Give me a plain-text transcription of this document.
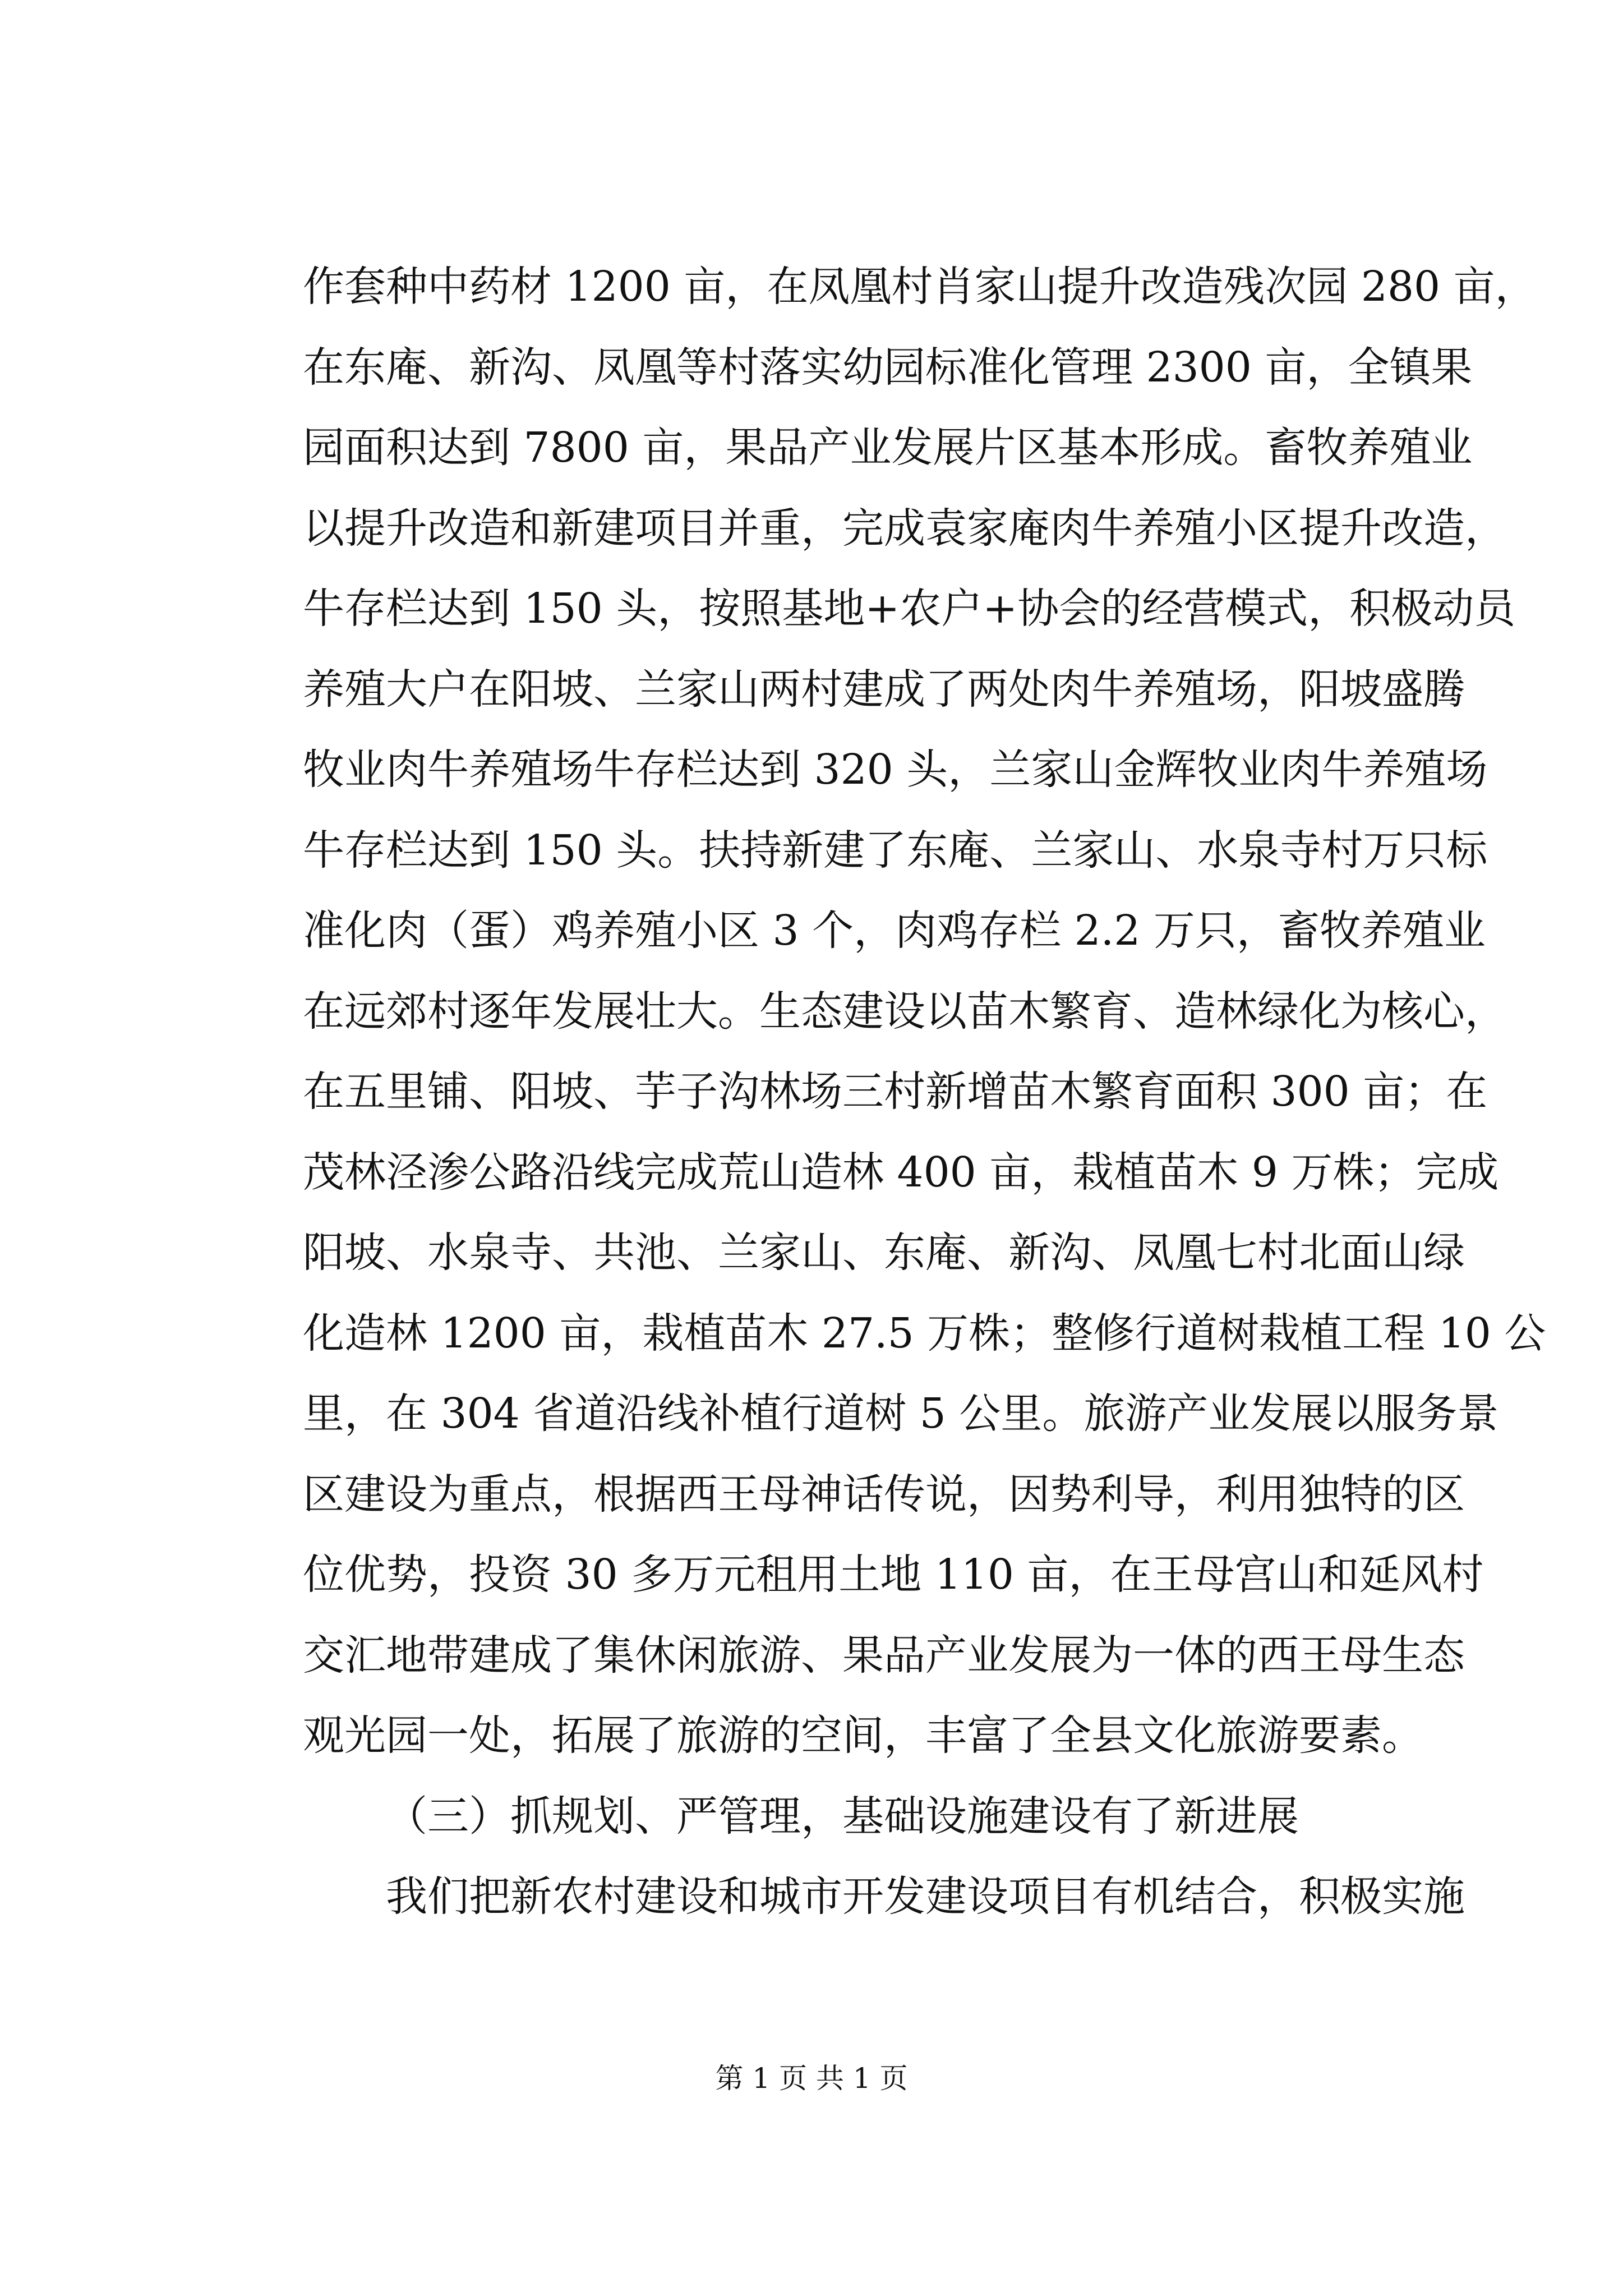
作套种中药材 1200 亩，在凤凰村肖家山提升改造残次园 280 亩，
在东庵、新沟、凤凰等村落实幼园标准化管理 2300 亩，全镇果
园面积达到 7800 亩，果品产业发展片区基本形成。畜牧养殖业
以提升改造和新建项目并重，完成袁家庵肉牛养殖小区提升改造，
牛存栏达到 150 头，按照基地+农户+协会的经营模式，积极动员
养殖大户在阳坡、兰家山两村建成了两处肉牛养殖场，阳坡盛腾
牧业肉牛养殖场牛存栏达到 320 头，兰家山金辉牧业肉牛养殖场
牛存栏达到 150 头。扶持新建了东庵、兰家山、水泉寺村万只标
准化肉（蛋）鸡养殖小区 3 个，肉鸡存栏 2.2 万只，畜牧养殖业
在远郊村逐年发展壮大。生态建设以苗木繁育、造林绿化为核心，
在五里铺、阳坡、芋子沟林场三村新增苗木繁育面积 300 亩；在
茂林泾渗公路沿线完成荒山造林 400 亩，栽植苗木 9 万株；完成
阳坡、水泉寺、共池、兰家山、东庵、新沟、凤凰七村北面山绿
化造林 1200 亩，栽植苗木 27.5 万株；整修行道树栽植工程 10 公
里，在 304 省道沿线补植行道树 5 公里。旅游产业发展以服务景
区建设为重点，根据西王母神话传说，因势利导，利用独特的区
位优势，投资 30 多万元租用土地 110 亩，在王母宫山和延风村
交汇地带建成了集休闲旅游、果品产业发展为一体的西王母生态
观光园一处，拓展了旅游的空间，丰富了全县文化旅游要素。
（三）抓规划、严管理，基础设施建设有了新进展
我们把新农村建设和城市开发建设项目有机结合，积极实施
第 1 页 共 1 页
